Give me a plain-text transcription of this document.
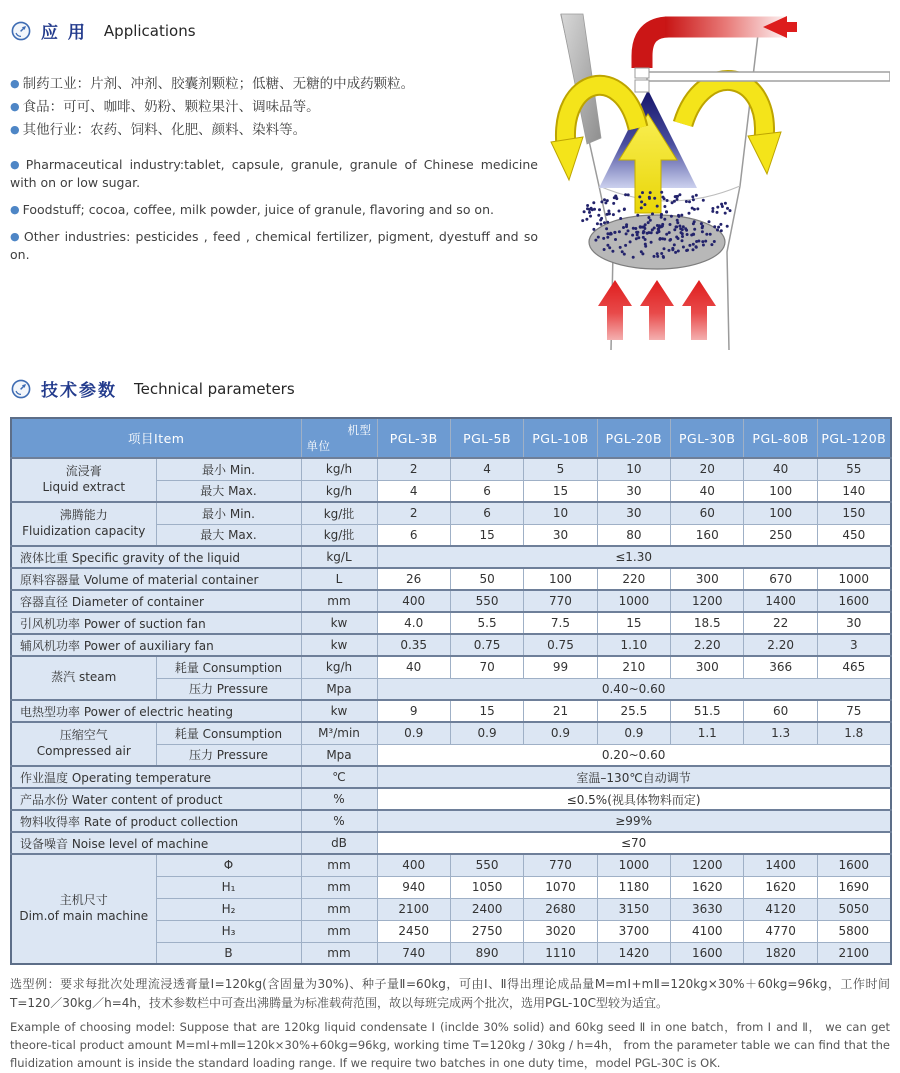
应 用 Applications
● 制药工业：片剂、冲剂、胶囊剂颗粒；低糖、无糖的中成药颗粒。
● 食品：可可、咖啡、奶粉、颗粒果汁、调味品等。
● 其他行业：农药、饲料、化肥、颜料、染料等。
● Pharmaceutical industry:tablet, capsule, granule, granule of Chinese medicine with on or low sugar.
● Foodstuff; cocoa, coffee, milk powder, juice of granule, flavoring and so on.
● Other industries: pesticides , feed , chemical fertilizer, pigment, dyestuff and so on.
技术参数 Technical parameters
项目Item		机型
单位	PGL-3B	PGL-5B	PGL-10B	PGL-20B	PGL-30B	PGL-80B	PGL-120B

流浸膏
Liquid extract	最小 Min.	kg/h	2	4	5	10	20	40	55
	最大 Max.	kg/h	4	6	15	30	40	100	140

沸腾能力
Fluidization capacity	最小 Min.	kg/批	2	6	10	30	60	100	150
	最大 Max.	kg/批	6	15	30	80	160	250	450
液体比重 Specific gravity of the liquid		kg/L	≤1.30						
原料容器量 Volume of material container		L	26	50	100	220	300	670	1000
容器直径 Diameter of container		mm	400	550	770	1000	1200	1400	1600
引风机功率 Power of suction fan		kw	4.0	5.5	7.5	15	18.5	22	30
辅风机功率 Power of auxiliary fan		kw	0.35	0.75	0.75	1.10	2.20	2.20	3

蒸汽 steam	耗量 Consumption	kg/h	40	70	99	210	300	366	465
	压力 Pressure	Mpa	0.40~0.60						
电热型功率 Power of electric heating		kw	9	15	21	25.5	51.5	60	75

压缩空气
Compressed air	耗量 Consumption	M³/min	0.9	0.9	0.9	0.9	1.1	1.3	1.8
	压力 Pressure	Mpa	0.20~0.60						
作业温度 Operating temperature		℃	室温–130℃自动调节						
产品水份 Water content of product		%	≤0.5%(视具体物料而定)						
物料收得率 Rate of product collection		%	≥99%						
设备噪音 Noise level of machine		dB	≤70						

主机尺寸
Dim.of main machine	Φ	mm	400	550	770	1000	1200	1400	1600
	H₁	mm	940	1050	1070	1180	1620	1620	1690
	H₂	mm	2100	2400	2680	3150	3630	4120	5050
	H₃	mm	2450	2750	3020	3700	4100	4770	5800
	B	mm	740	890	1110	1420	1600	1820	2100

选型例：要求每批次处理流浸透膏量Ⅰ=120kg(含固量为30%)、种子量Ⅱ=60kg，可由Ⅰ、Ⅱ得出理论成品量M=mⅠ+mⅡ=120kg×30%＋60kg=96kg，工作时间T=120／30kg／h=4h，技术参数栏中可查出沸腾量为标准载荷范围，故以每班完成两个批次，选用PGL-10C型较为适宜。

Example of choosing model: Suppose that are 120kg liquid condensate Ⅰ (inclde 30% solid) and 60kg seed Ⅱ in one batch，from Ⅰ and Ⅱ， we can get theore-tical product amount M=mⅠ+mⅡ=120k×30%+60kg=96kg, working time T=120kg / 30kg / h=4h， from the parameter table we can find that the fluidization amount is inside the standard loading range. If we require two batches in one duty time，model PGL-30C is OK.
